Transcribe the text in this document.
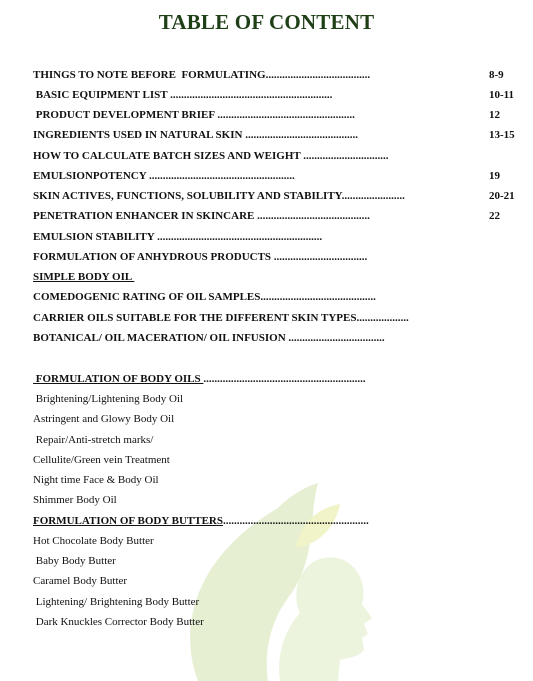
TABLE OF CONTENT
THINGS TO NOTE BEFORE  FORMULATING......................................	8-9
BASIC EQUIPMENT LIST ...........................................................	10-11
PRODUCT DEVELOPMENT BRIEF ..................................................	12
INGREDIENTS USED IN NATURAL SKIN .........................................	13-15
HOW TO CALCULATE BATCH SIZES AND WEIGHT ...............................
EMULSIONPOTENCY .....................................................	19
SKIN ACTIVES, FUNCTIONS, SOLUBILITY AND STABILITY.......................	20-21
PENETRATION ENHANCER IN SKINCARE .........................................	22
EMULSION STABILITY ............................................................
FORMULATION OF ANHYDROUS PRODUCTS ..................................
SIMPLE BODY OIL
COMEDOGENIC RATING OF OIL SAMPLES..........................................
CARRIER OILS SUITABLE FOR THE DIFFERENT SKIN TYPES...................
BOTANICAL/ OIL MACERATION/ OIL INFUSION ...................................
FORMULATION OF BODY OILS ...........................................................
Brightening/Lightening Body Oil
Astringent and Glowy Body Oil
Repair/Anti-stretch marks/
Cellulite/Green vein Treatment
Night time Face & Body Oil
Shimmer Body Oil
FORMULATION OF BODY BUTTERS.....................................................
Hot Chocolate Body Butter
Baby Body Butter
Caramel Body Butter
Lightening/ Brightening Body Butter
Dark Knuckles Corrector Body Butter
